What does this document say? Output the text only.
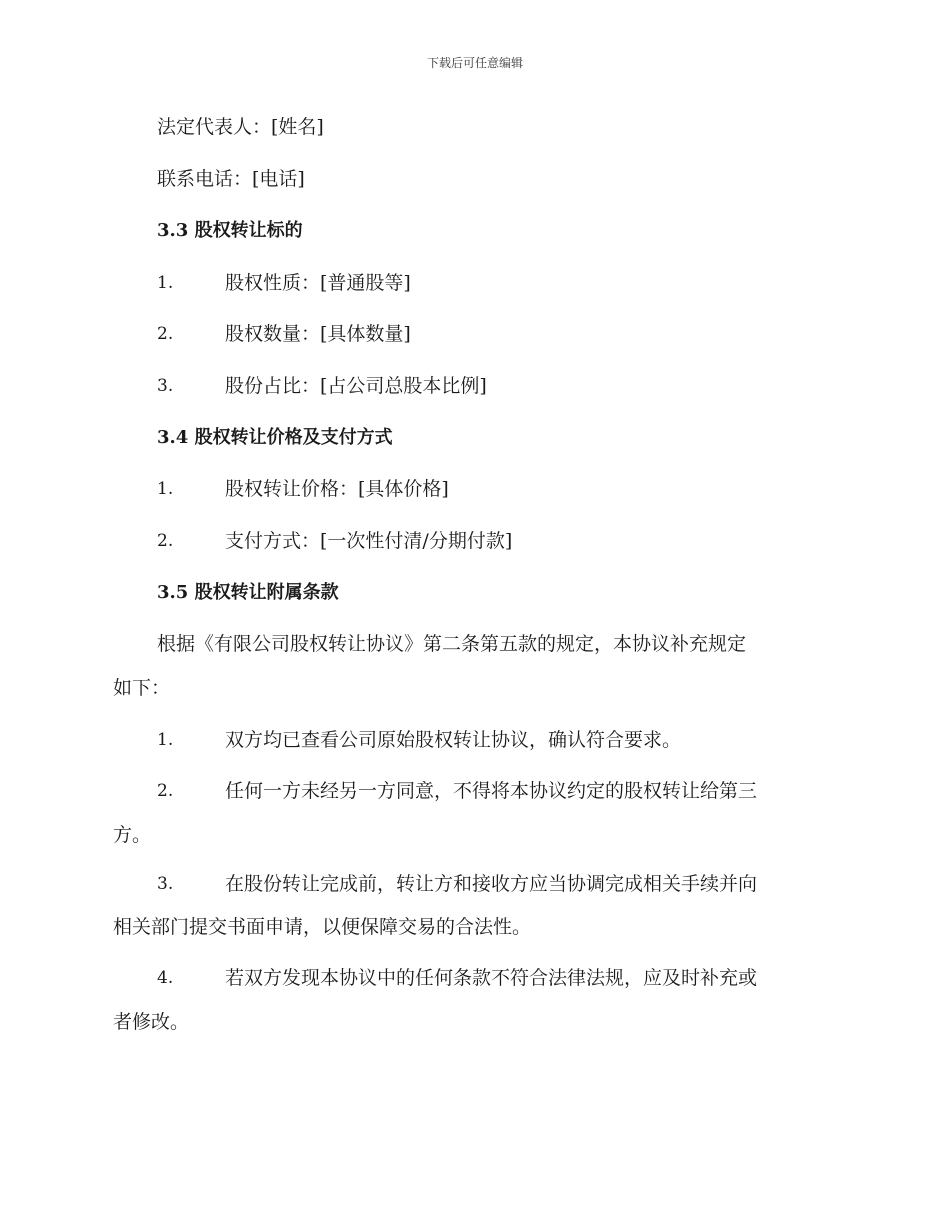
下载后可任意编辑
法定代表人：[姓名]
联系电话：[电话]
3.3 股权转让标的
1.	股权性质：[普通股等]
2.	股权数量：[具体数量]
3.	股份占比：[占公司总股本比例]
3.4 股权转让价格及支付方式
1.	股权转让价格：[具体价格]
2.	支付方式：[一次性付清/分期付款]
3.5 股权转让附属条款
根据《有限公司股权转让协议》第二条第五款的规定，本协议补充规定
如下：
1.	双方均已查看公司原始股权转让协议，确认符合要求。
2.	任何一方未经另一方同意，不得将本协议约定的股权转让给第三
方。
3.	在股份转让完成前，转让方和接收方应当协调完成相关手续并向
相关部门提交书面申请，以便保障交易的合法性。
4.	若双方发现本协议中的任何条款不符合法律法规，应及时补充或
者修改。
